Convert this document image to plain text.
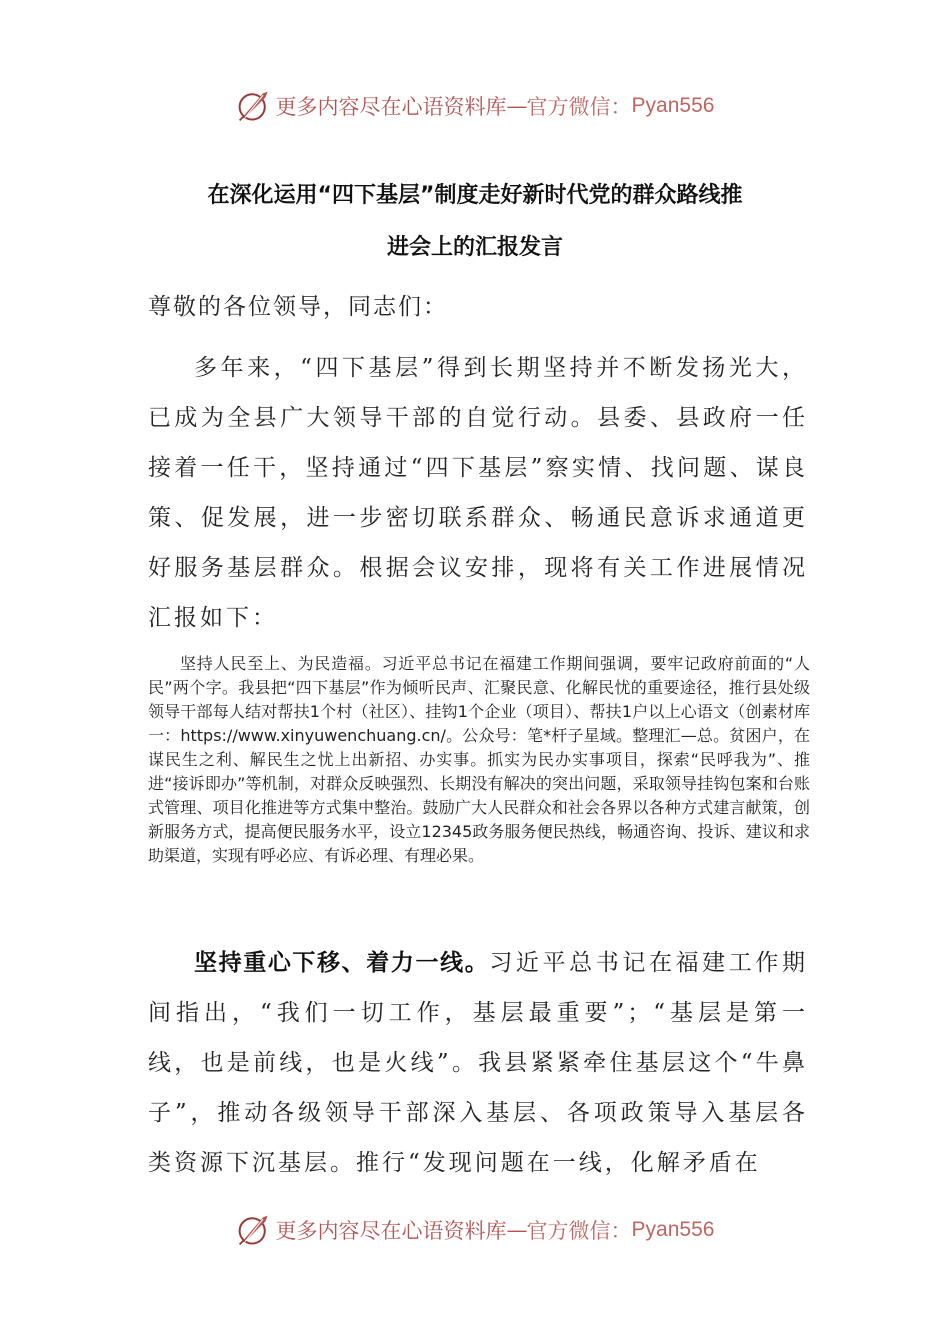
更多内容尽在心语资料库 — 官方微信： Pyan556
在深化运用“四下基层”制度走好新时代党的群众路线推
进会上的汇报发言

尊敬的各位领导，同志们：

多年来，“四下基层”得到长期坚持并不断发扬光大，已成为全县广大领导干部的自觉行动。县委、县政府一任接着一任干，坚持通过“四下基层”察实情、找问题、谋良策、促发展，进一步密切联系群众、畅通民意诉求通道更好服务基层群众。根据会议安排，现将有关工作进展情况汇报如下：

坚持人民至上、为民造福。习近平总书记在福建工作期间强调，要牢记政府前面的“人民”两个字。我县把“四下基层”作为倾听民声、汇聚民意、化解民忧的重要途径，推行县处级领导干部每人结对帮扶1个村（社区）、挂钩1个企业（项目）、帮扶1户以上心语文（创素材库一：https://www.xinyuwenchuang.cn/。公众号：笔*杆子星域。整理汇—总。贫困户，在谋民生之利、解民生之忧上出新招、办实事。抓实为民办实事项目，探索“民呼我为”、推进“接诉即办”等机制，对群众反映强烈、长期没有解决的突出问题，采取领导挂钩包案和台账式管理、项目化推进等方式集中整治。鼓励广大人民群众和社会各界以各种方式建言献策，创新服务方式，提高便民服务水平，设立12345政务服务便民热线，畅通咨询、投诉、建议和求助渠道，实现有呼必应、有诉必理、有理必果。

坚持重心下移、着力一线。习近平总书记在福建工作期间指出，“我们一切工作，基层最重要”；“基层是第一线，也是前线，也是火线”。我县紧紧牵住基层这个“牛鼻子”，推动各级领导干部深入基层、各项政策导入基层各类资源下沉基层。推行“发现问题在一线，化解矛盾在

更多内容尽在心语资料库 — 官方微信： Pyan556
